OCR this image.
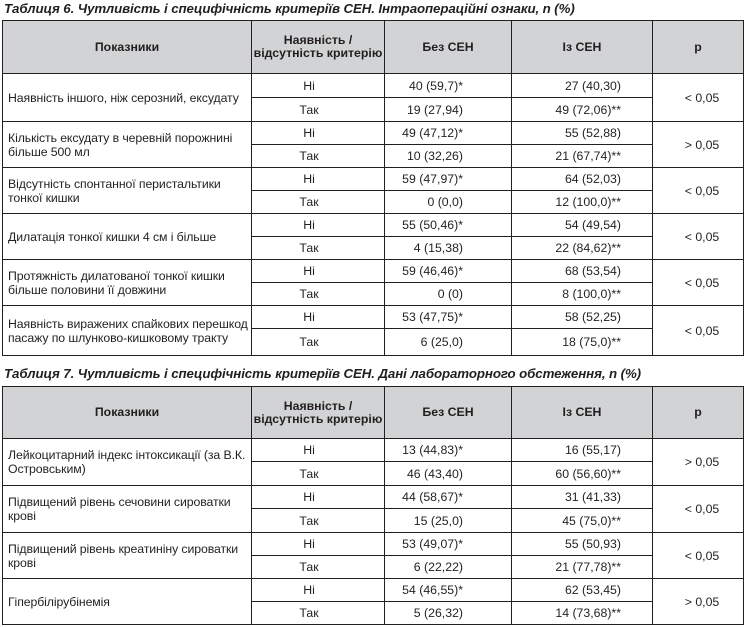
Таблиця 6. Чутливість і специфічність критеріїв СЕН. Інтраопераційні ознаки, n (%)
Показники	Наявність / відсутність критерію	Без СЕН	Із СЕН	р
Наявність іншого, ніж серозний, ексудату	Ні	40 (59,7)*	27 (40,30)	< 0,05
	Так	19 (27,94)	49 (72,06)**	
Кількість ексудату в черевній порожнині більше 500 мл	Ні	49 (47,12)*	55 (52,88)	> 0,05
	Так	10 (32,26)	21 (67,74)**	
Відсутність спонтанної перистальтики тонкої кишки	Ні	59 (47,97)*	64 (52,03)	< 0,05
	Так	0 (0,0)	12 (100,0)**	
Дилатація тонкої кишки 4 см і більше	Ні	55 (50,46)*	54 (49,54)	< 0,05
	Так	4 (15,38)	22 (84,62)**	
Протяжність дилатованої тонкої кишки більше половини її довжини	Ні	59 (46,46)*	68 (53,54)	< 0,05
	Так	0 (0)	8 (100,0)**	
Наявність виражених спайкових перешкод пасажу по шлунково-кишковому тракту	Ні	53 (47,75)*	58 (52,25)	< 0,05
	Так	6 (25,0)	18 (75,0)**	
Таблиця 7. Чутливість і специфічність критеріїв СЕН. Дані лабораторного обстеження, n (%)
Показники	Наявність / відсутність критерію	Без СЕН	Із СЕН	р
Лейкоцитарний індекс інтоксикації (за В.К. Островським)	Ні	13 (44,83)*	16 (55,17)	> 0,05
	Так	46 (43,40)	60 (56,60)**	
Підвищений рівень сечовини сироватки крові	Ні	44 (58,67)*	31 (41,33)	< 0,05
	Так	15 (25,0)	45 (75,0)**	
Підвищений рівень креатиніну сироватки крові	Ні	53 (49,07)*	55 (50,93)	< 0,05
	Так	6 (22,22)	21 (77,78)**	
Гіпербілірубінемія	Ні	54 (46,55)*	62 (53,45)	> 0,05
	Так	5 (26,32)	14 (73,68)**	
